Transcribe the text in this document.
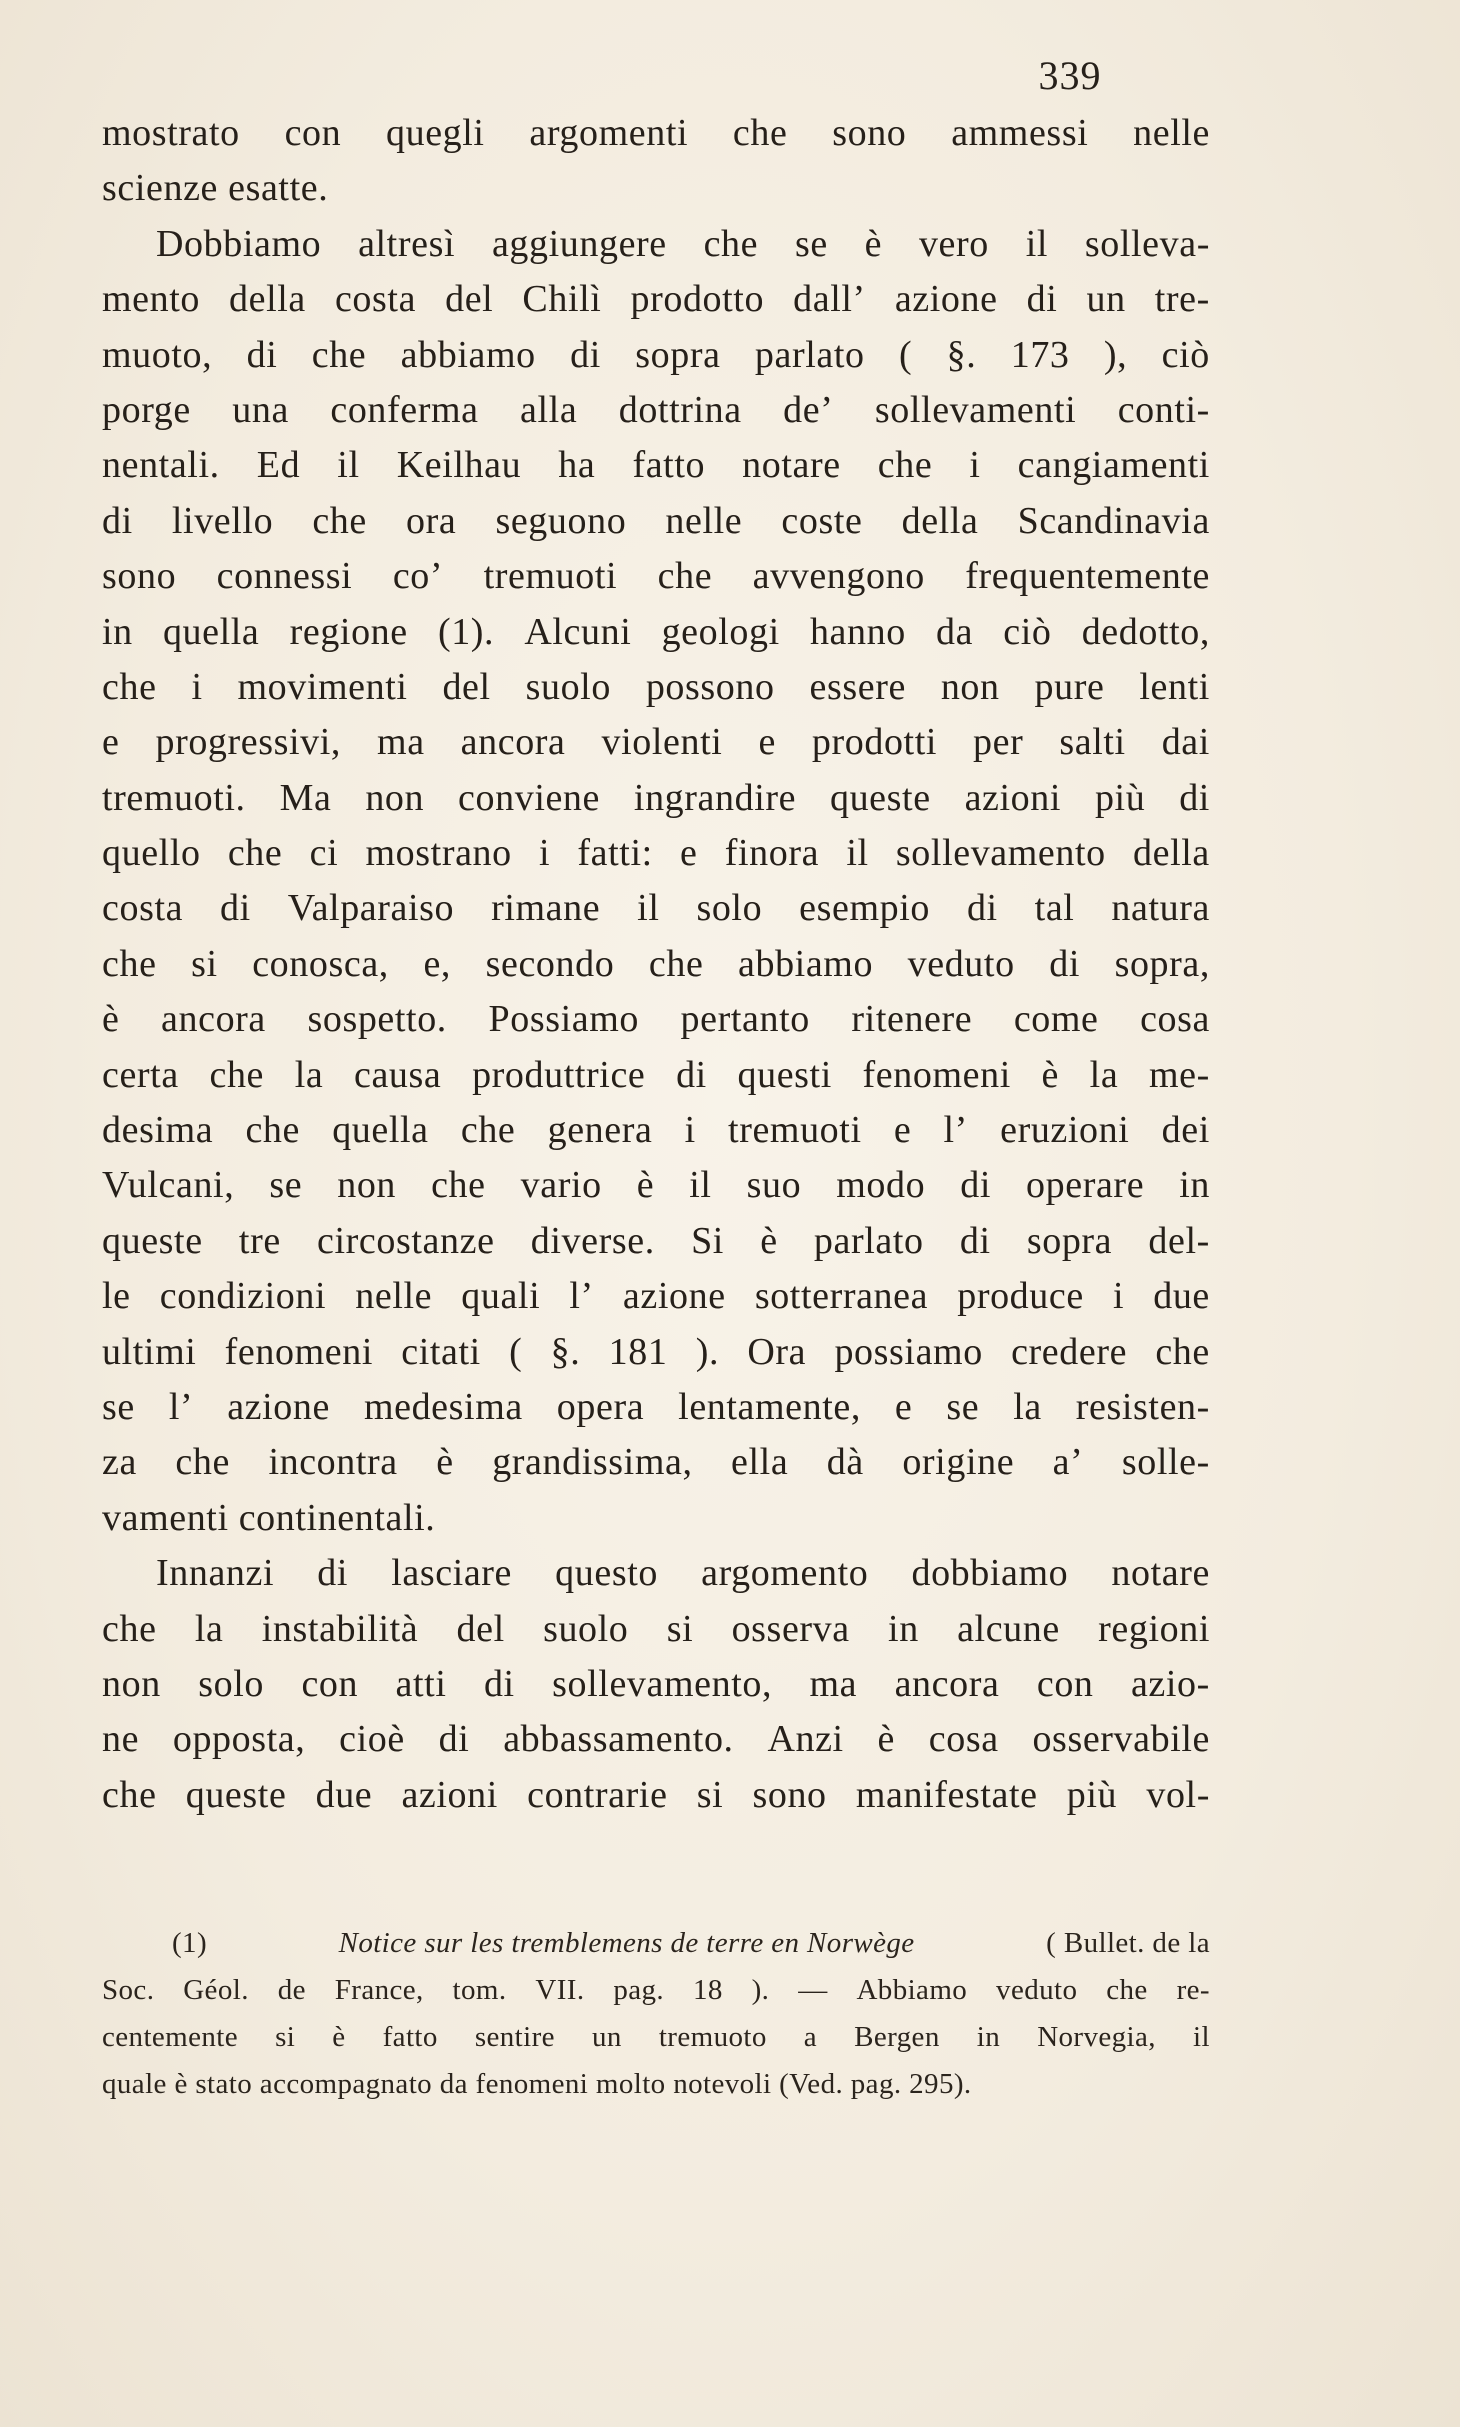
339
mostrato con quegli argomenti che sono ammessi nelle
scienze esatte.
Dobbiamo altresì aggiungere che se è vero il solleva-
mento della costa del Chilì prodotto dall’ azione di un tre-
muoto, di che abbiamo di sopra parlato ( §. 173 ), ciò
porge una conferma alla dottrina de’ sollevamenti conti-
nentali. Ed il Keilhau ha fatto notare che i cangiamenti
di livello che ora seguono nelle coste della Scandinavia
sono connessi co’ tremuoti che avvengono frequentemente
in quella regione (1). Alcuni geologi hanno da ciò dedotto,
che i movimenti del suolo possono essere non pure lenti
e progressivi, ma ancora violenti e prodotti per salti dai
tremuoti. Ma non conviene ingrandire queste azioni più di
quello che ci mostrano i fatti: e finora il sollevamento della
costa di Valparaiso rimane il solo esempio di tal natura
che si conosca, e, secondo che abbiamo veduto di sopra,
è ancora sospetto. Possiamo pertanto ritenere come cosa
certa che la causa produttrice di questi fenomeni è la me-
desima che quella che genera i tremuoti e l’ eruzioni dei
Vulcani, se non che vario è il suo modo di operare in
queste tre circostanze diverse. Si è parlato di sopra del-
le condizioni nelle quali l’ azione sotterranea produce i due
ultimi fenomeni citati ( §. 181 ). Ora possiamo credere che
se l’ azione medesima opera lentamente, e se la resisten-
za che incontra è grandissima, ella dà origine a’ solle-
vamenti continentali.
Innanzi di lasciare questo argomento dobbiamo notare
che la instabilità del suolo si osserva in alcune regioni
non solo con atti di sollevamento, ma ancora con azio-
ne opposta, cioè di abbassamento. Anzi è cosa osservabile
che queste due azioni contrarie si sono manifestate più vol-
(1)	Notice sur les tremblemens de terre en Norwège	( Bullet. de la
Soc. Géol. de France, tom. VII. pag. 18 ). — Abbiamo veduto che re-
centemente si è fatto sentire un tremuoto a Bergen in Norvegia, il
quale è stato accompagnato da fenomeni molto notevoli (Ved. pag. 295).
